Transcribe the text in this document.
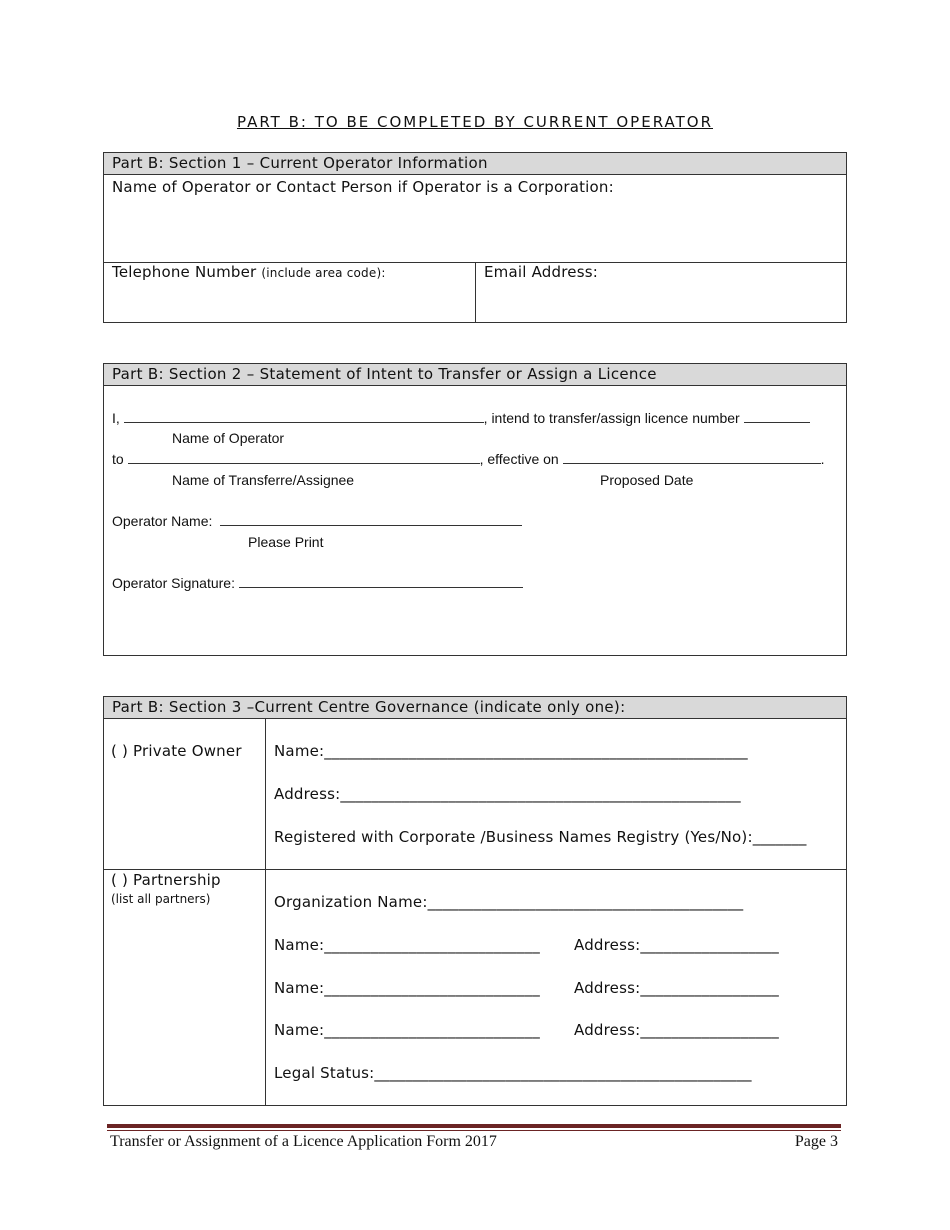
PART B: TO BE COMPLETED BY CURRENT OPERATOR
Part B: Section 1 – Current Operator Information
Name of Operator or Contact Person if Operator is a Corporation:
Telephone Number (include area code):	Email Address:
Part B: Section 2 – Statement of Intent to Transfer or Assign a Licence
I,	, intend to transfer/assign licence number
Name of Operator
to	, effective on	.
Name of Transferre/Assignee	Proposed Date
Operator Name:
Please Print
Operator Signature:
Part B: Section 3 –Current Centre Governance (indicate only one):
( ) Private Owner Name:_______________________________________________________
Address:____________________________________________________
Registered with Corporate /Business Names Registry (Yes/No):_______
( ) Partnership
(list all partners)	Organization Name:_________________________________________
Name:____________________________ Address:__________________
Name:____________________________ Address:__________________
Name:____________________________ Address:__________________
Legal Status:_________________________________________________
Transfer or Assignment of a Licence Application Form 2017	Page 3
